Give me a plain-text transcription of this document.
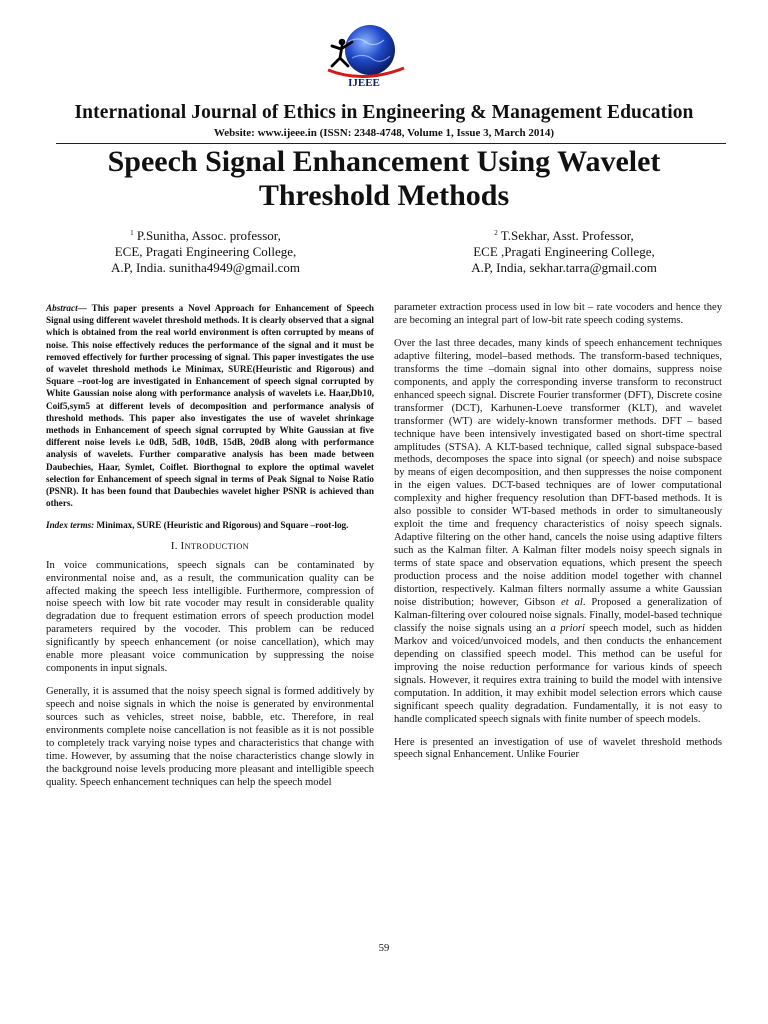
IJEEE
International Journal of Ethics in Engineering & Management Education
Website: www.ijeee.in (ISSN: 2348-4748, Volume 1, Issue 3, March 2014)
Speech Signal Enhancement Using Wavelet
Threshold Methods
$^1$ P.Sunitha, Assoc. professor,
ECE, Pragati Engineering College,
A.P, India. sunitha4949@gmail.com
$^2$ T.Sekhar, Asst. Professor,
ECE ,Pragati Engineering College,
A.P, India, sekhar.tarra@gmail.com

Abstract— This paper presents a Novel Approach for Enhancement of Speech Signal using different wavelet threshold methods. It is clearly observed that a signal which is obtained from the real world environment is often corrupted by means of noise. This noise effectively reduces the performance of the signal and it must be removed effectively for further processing of signal. This paper investigates the use of wavelet threshold methods i.e Minimax, SURE(Heuristic and Rigorous) and Square –root-log are investigated in Enhancement of speech signal corrupted by White Gaussian noise along with performance analysis of wavelets i.e. Haar,Db10, Coif5,sym5 at different levels of decomposition and performance analysis of threshold methods. This paper also investigates the use of wavelet shrinkage methods in Enhancement of speech signal corrupted by White Gaussian at five different noise levels i.e 0dB, 5dB, 10dB, 15dB, 20dB along with performance analysis of wavelets. Further comparative analysis has been made between Daubechies, Haar, Symlet, Coiflet. Biorthognal to explore the optimal wavelet selection for Enhancement of speech signal in terms of Peak Signal to Noise Ratio (PSNR). It has been found that Daubechies wavelet higher PSNR is achieved than others.

Index terms: Minimax, SURE (Heuristic and Rigorous) and Square –root-log.

I. INTRODUCTION

In voice communications, speech signals can be contaminated by environmental noise and, as a result, the communication quality can be affected making the speech less intelligible. Furthermore, compression of noise speech with low bit rate vocoder may result in considerable quality degradation due to frequent estimation errors of speech production model parameters required by the vocoder. This problem can be reduced significantly by speech enhancement (or noise cancellation), which may enable more pleasant voice communication by suppressing the noise components in input signals.

Generally, it is assumed that the noisy speech signal is formed additively by speech and noise signals in which the noise is generated by environmental sources such as vehicles, street noise, babble, etc. Therefore, in real environments complete noise cancellation is not feasible as it is not possible to completely track varying noise types and characteristics that change with time. However, by assuming that the noise characteristics change slowly in the background noise levels producing more pleasant and intelligible speech quality. Speech enhancement techniques can help the speech model

parameter extraction process used in low bit – rate vocoders and hence they are becoming an integral part of low-bit rate speech coding systems.

Over the last three decades, many kinds of speech enhancement techniques adaptive filtering, model–based methods. The transform-based techniques, transforms the time –domain signal into other domains, suppress noise components, and apply the corresponding inverse transform to reconstruct enhanced speech signal. Discrete Fourier transformer (DFT), Discrete cosine transformer (DCT), Karhunen-Loeve transformer (KLT), and wavelet transformer (WT) are widely-known transformer methods. DFT – based technique have been intensively investigated based on short-time spectral amplitudes (STSA). A KLT-based technique, called signal subspace-based methods, decomposes the space into signal (or speech) and noise subspace by means of eigen decomposition, and then suppresses the noise component in the eigen values. DCT-based techniques are of lower computational complexity and higher frequency resolution than DFT-based methods. It is also possible to consider WT-based methods in order to simultaneously exploit the time and frequency characteristics of noisy speech signals. Adaptive filtering on the other hand, cancels the noise using adaptive filters such as the Kalman filter. A Kalman filter models noisy speech signals in terms of state space and observation equations, which present the speech production process and the noise addition model together with channel distortion, respectively. Kalman filters normally assume a white Gaussian noise distribution; however, Gibson et al. Proposed a generalization of Kalman-filtering over coloured noise signals. Finally, model-based technique classify the noise signals using an a priori speech model, such as hidden Markov and voiced/unvoiced models, and then conducts the enhancement depending on classified speech model. This method can be useful for improving the noise reduction performance for various kinds of speech signals. However, it requires extra training to build the model with intensive computation. In addition, it may exhibit model selection errors which cause significant speech quality degradation. Fundamentally, it is not easy to handle complicated speech signals with finite number of speech models.

Here is presented an investigation of use of wavelet threshold methods speech signal Enhancement. Unlike Fourier

59
